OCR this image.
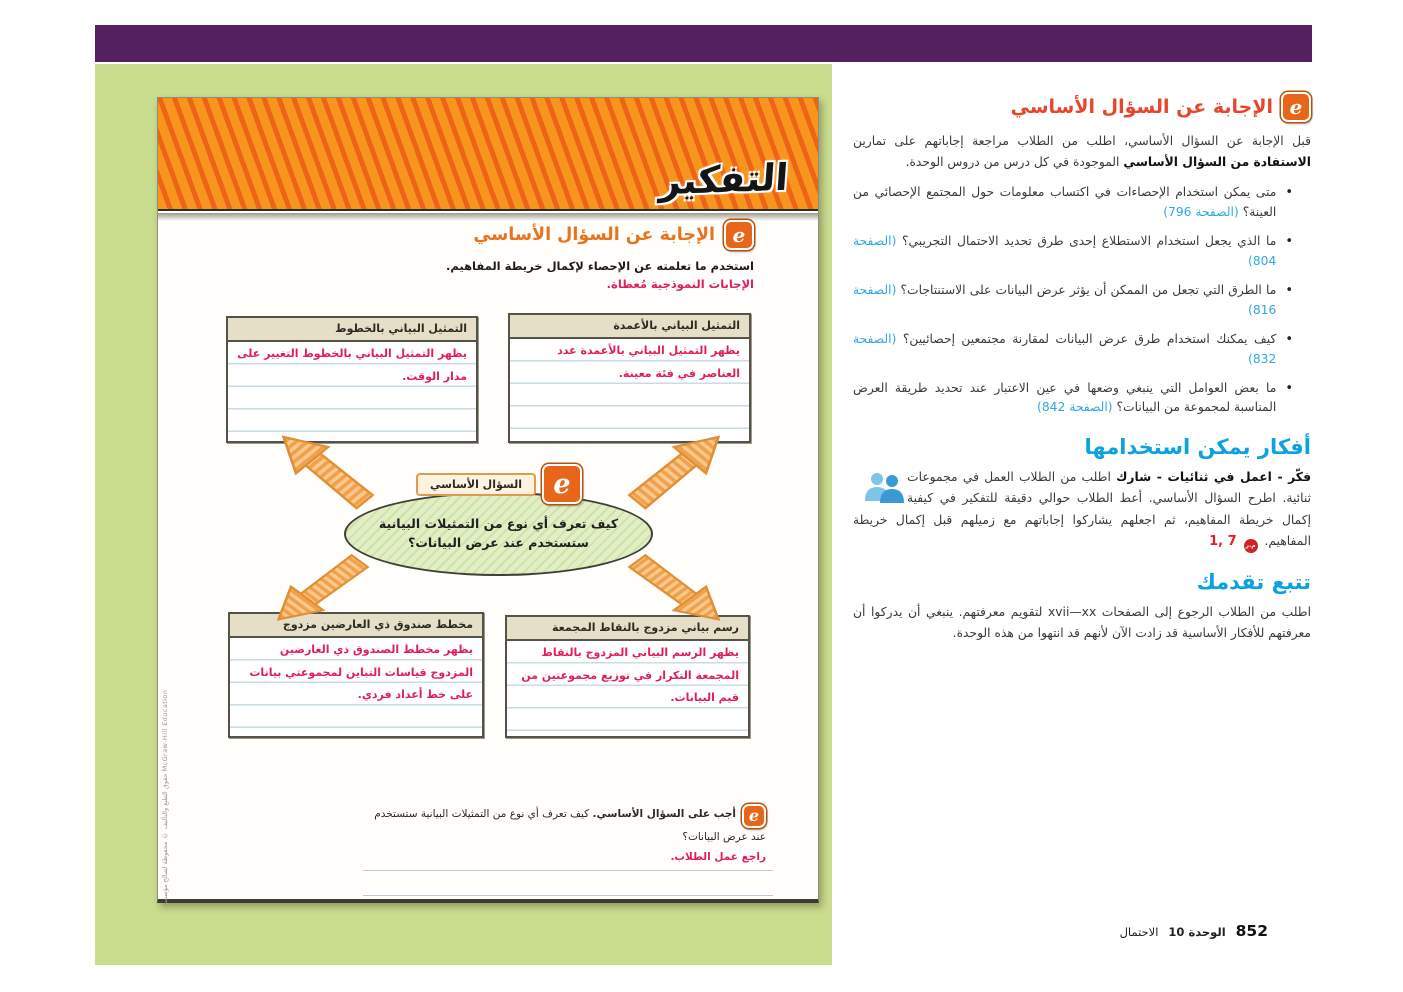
التفكير
e
الإجابة عن السؤال الأساسي
استخدم ما تعلمته عن الإحصاء لإكمال خريطة المفاهيم.
الإجابات النموذجية مُعطاة.
التمثيل البياني بالخطوط
يظهر التمثيل البياني بالخطوط التغيير على مدار الوقت.
التمثيل البياني بالأعمدة
يظهر التمثيل البياني بالأعمدة عدد العناصر في فئة معينة.
مخطط صندوق ذي العارضين مزدوج
يظهر مخطط الصندوق ذي العارضين المزدوج قياسات التباين لمجموعتي بيانات على خط أعداد فردي.
رسم بياني مزدوج بالنقاط المجمعة
يظهر الرسم البياني المزدوج بالنقاط المجمعة التكرار في توزيع مجموعتين من قيم البيانات.
e
السؤال الأساسي
كيف تعرف أي نوع من التمثيلات البيانية ستستخدم عند عرض البيانات؟
eأجب على السؤال الأساسي. كيف تعرف أي نوع من التمثيلات البيانية ستستخدم عند عرض البيانات؟
راجع عمل الطلاب.
حقوق الطبع والتأليف © محفوظة لصالح مؤسسة McGraw-Hill Education
e
الإجابة عن السؤال الأساسي
قبل الإجابة عن السؤال الأساسي، اطلب من الطلاب مراجعة إجاباتهم على تمارين الاستفادة من السؤال الأساسي الموجودة في كل درس من دروس الوحدة.
•
متى يمكن استخدام الإحصاءات في اكتساب معلومات حول المجتمع الإحصائي من العينة؟ (الصفحة 796)
•
ما الذي يجعل استخدام الاستطلاع إحدى طرق تحديد الاحتمال التجريبي؟ (الصفحة 804)
•
ما الطرق التي تجعل من الممكن أن يؤثر عرض البيانات على الاستنتاجات؟ (الصفحة 816)
•
كيف يمكنك استخدام طرق عرض البيانات لمقارنة مجتمعين إحصائيين؟ (الصفحة 832)
•
ما بعض العوامل التي ينبغي وضعها في عين الاعتبار عند تحديد طريقة العرض المناسبة لمجموعة من البيانات؟ (الصفحة 842)
أفكار يمكن استخدامها
فكّر - اعمل في ثنائيات - شارك اطلب من الطلاب العمل في مجموعات ثنائية. اطرح السؤال الأساسي. أعط الطلاب حوالي دقيقة للتفكير في كيفية إكمال خريطة المفاهيم، ثم اجعلهم يشاركوا إجاباتهم مع زميلهم قبل إكمال خريطة المفاهيم. م.ر 1, 7
تتبع تقدمك
اطلب من الطلاب الرجوع إلى الصفحات xvii—xx لتقويم معرفتهم. ينبغي أن يدركوا أن معرفتهم للأفكار الأساسية قد زادت الآن لأنهم قد انتهوا من هذه الوحدة.
852
الوحدة 10
الاحتمال
